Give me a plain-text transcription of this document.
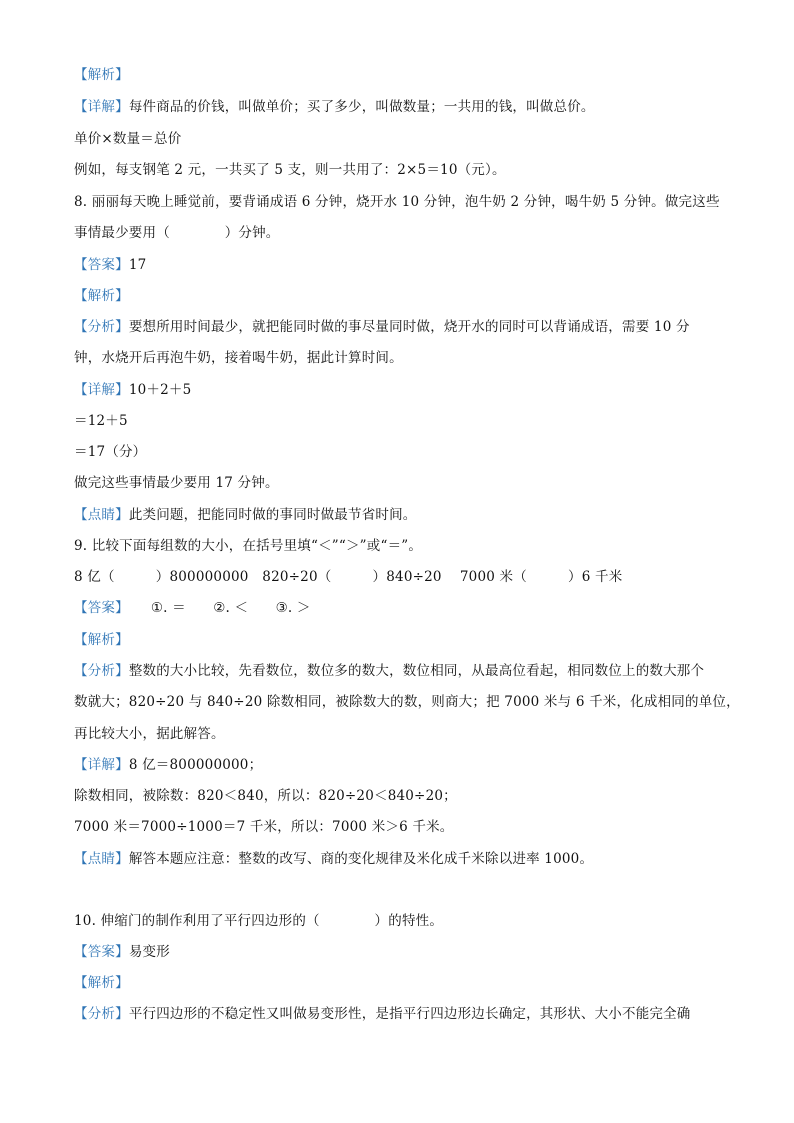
【解析】
【详解】每件商品的价钱，叫做单价；买了多少，叫做数量；一共用的钱，叫做总价。
单价×数量＝总价
例如，每支钢笔 2 元，一共买了 5 支，则一共用了：2×5＝10（元）。
8. 丽丽每天晚上睡觉前，要背诵成语 6 分钟，烧开水 10 分钟，泡牛奶 2 分钟，喝牛奶 5 分钟。做完这些
事情最少要用（　　　　）分钟。
【答案】17
【解析】
【分析】要想所用时间最少，就把能同时做的事尽量同时做，烧开水的同时可以背诵成语，需要 10 分
钟，水烧开后再泡牛奶，接着喝牛奶，据此计算时间。
【详解】10＋2＋5
＝12＋5
＝17（分）
做完这些事情最少要用 17 分钟。
【点睛】此类问题，把能同时做的事同时做最节省时间。
9. 比较下面每组数的大小，在括号里填“＜”“＞”或“＝”。
8 亿（　　　）800000000　820÷20（　　　）840÷20　 7000 米（　　　）6 千米
【答案】 ①. ＝　　②. ＜　　③. ＞
【解析】
【分析】整数的大小比较，先看数位，数位多的数大，数位相同，从最高位看起，相同数位上的数大那个
数就大；820÷20 与 840÷20 除数相同，被除数大的数，则商大；把 7000 米与 6 千米，化成相同的单位，
再比较大小，据此解答。
【详解】8 亿＝800000000；
除数相同，被除数：820＜840，所以：820÷20＜840÷20；
7000 米＝7000÷1000＝7 千米，所以：7000 米＞6 千米。
【点睛】解答本题应注意：整数的改写、商的变化规律及米化成千米除以进率 1000。
10. 伸缩门的制作利用了平行四边形的（　　　　）的特性。
【答案】易变形
【解析】
【分析】平行四边形的不稳定性又叫做易变形性，是指平行四边形边长确定，其形状、大小不能完全确
